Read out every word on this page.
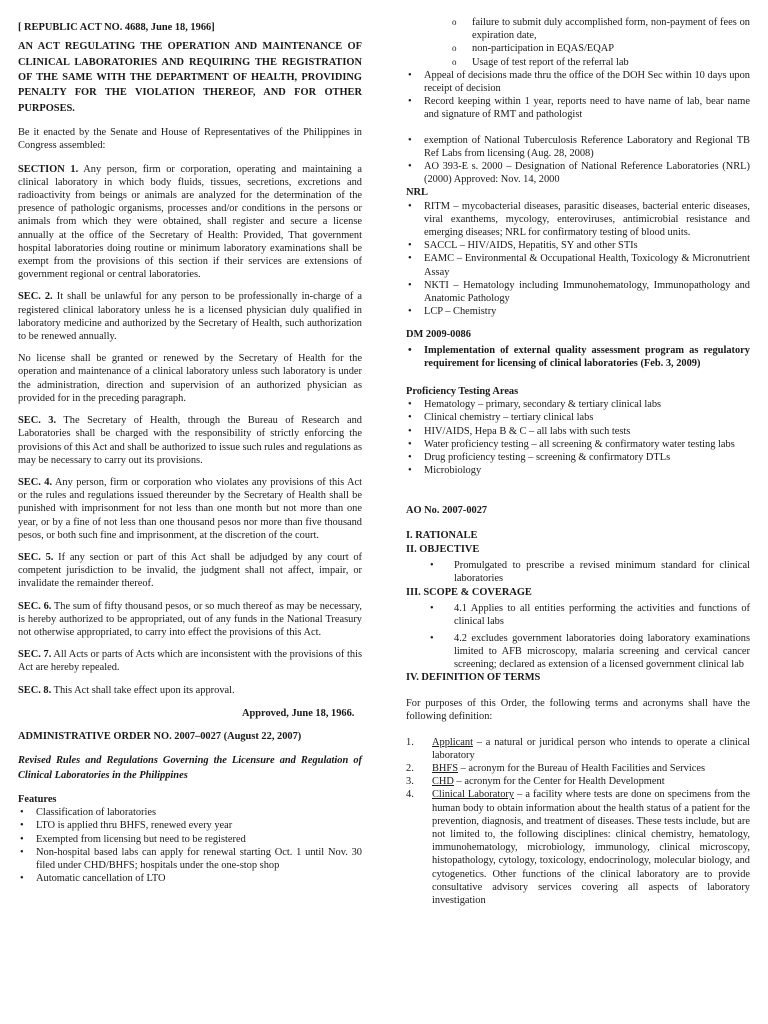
[ REPUBLIC ACT NO. 4688, June 18, 1966]

AN ACT REGULATING THE OPERATION AND MAINTENANCE OF CLINICAL LABORATORIES AND REQUIRING THE REGISTRATION OF THE SAME WITH THE DEPARTMENT OF HEALTH, PROVIDING PENALTY FOR THE VIOLATION THEREOF, AND FOR OTHER PURPOSES.

Be it enacted by the Senate and House of Representatives of the Philippines in Congress assembled:

SECTION 1. Any person, firm or corporation, operating and maintaining a clinical laboratory in which body fluids, tissues, secretions, excretions and radioactivity from beings or animals are analyzed for the determination of the presence of pathologic organisms, processes and/or conditions in the persons or animals from which they were obtained, shall register and secure a license annually at the office of the Secretary of Health: Provided, That government hospital laboratories doing routine or minimum laboratory examinations shall be exempt from the provisions of this section if their services are extensions of government regional or central laboratories.

SEC. 2. It shall be unlawful for any person to be professionally in-charge of a registered clinical laboratory unless he is a licensed physician duly qualified in laboratory medicine and authorized by the Secretary of Health, such authorization to be renewed annually.

No license shall be granted or renewed by the Secretary of Health for the operation and maintenance of a clinical laboratory unless such laboratory is under the administration, direction and supervision of an authorized physician as provided for in the preceding paragraph.

SEC. 3. The Secretary of Health, through the Bureau of Research and Laboratories shall be charged with the responsibility of strictly enforcing the provisions of this Act and shall be authorized to issue such rules and regulations as may be necessary to carry out its provisions.

SEC. 4. Any person, firm or corporation who violates any provisions of this Act or the rules and regulations issued thereunder by the Secretary of Health shall be punished with imprisonment for not less than one month but not more than one year, or by a fine of not less than one thousand pesos nor more than five thousand pesos, or both such fine and imprisonment, at the discretion of the court.

SEC. 5. If any section or part of this Act shall be adjudged by any court of competent jurisdiction to be invalid, the judgment shall not affect, impair, or invalidate the remainder thereof.

SEC. 6. The sum of fifty thousand pesos, or so much thereof as may be necessary, is hereby authorized to be appropriated, out of any funds in the National Treasury not otherwise appropriated, to carry into effect the provisions of this Act.

SEC. 7. All Acts or parts of Acts which are inconsistent with the provisions of this Act are hereby repealed.

SEC. 8. This Act shall take effect upon its approval.

Approved, June 18, 1966.

ADMINISTRATIVE ORDER NO. 2007–0027 (August 22, 2007)

Revised Rules and Regulations Governing the Licensure and Regulation of Clinical Laboratories in the Philippines

Features

• Classification of laboratories
• LTO is applied thru BHFS, renewed every year
• Exempted from licensing but need to be registered
• Non-hospital based labs can apply for renewal starting Oct. 1 until Nov. 30 filed under CHD/BHFS; hospitals under the one-stop shop
• Automatic cancellation of LTO
o failure to submit duly accomplished form, non-payment of fees on expiration date,
o non-participation in EQAS/EQAP
o Usage of test report of the referral lab
• Appeal of decisions made thru the office of the DOH Sec within 10 days upon receipt of decision
• Record keeping within 1 year, reports need to have name of lab, bear name and signature of RMT and pathologist
• exemption of National Tuberculosis Reference Laboratory and Regional TB Ref Labs from licensing (Aug. 28, 2008)
• AO 393-E s. 2000 – Designation of National Reference Laboratories (NRL) (2000) Approved: Nov. 14, 2000

NRL

• RITM – mycobacterial diseases, parasitic diseases, bacterial enteric diseases, viral exanthems, mycology, enteroviruses, antimicrobial resistance and emerging diseases; NRL for confirmatory testing of blood units.
• SACCL – HIV/AIDS, Hepatitis, SY and other STIs
• EAMC – Environmental & Occupational Health, Toxicology & Micronutrient Assay
• NKTI – Hematology including Immunohematology, Immunopathology and Anatomic Pathology
• LCP – Chemistry

DM 2009-0086

• Implementation of external quality assessment program as regulatory requirement for licensing of clinical laboratories (Feb. 3, 2009)

Proficiency Testing Areas

• Hematology – primary, secondary & tertiary clinical labs
• Clinical chemistry – tertiary clinical labs
• HIV/AIDS, Hepa B & C – all labs with such tests
• Water proficiency testing – all screening & confirmatory water testing labs
• Drug proficiency testing – screening & confirmatory DTLs
• Microbiology

AO No. 2007-0027

I. RATIONALE

II. OBJECTIVE

• Promulgated to prescribe a revised minimum standard for clinical laboratories

III. SCOPE & COVERAGE

• 4.1 Applies to all entities performing the activities and functions of clinical labs
• 4.2 excludes government laboratories doing laboratory examinations limited to AFB microscopy, malaria screening and cervical cancer screening; declared as extension of a licensed government clinical lab

IV. DEFINITION OF TERMS

For purposes of this Order, the following terms and acronyms shall have the following definition:

1. Applicant – a natural or juridical person who intends to operate a clinical laboratory
2. BHFS – acronym for the Bureau of Health Facilities and Services
3. CHD – acronym for the Center for Health Development
4. Clinical Laboratory – a facility where tests are done on specimens from the human body to obtain information about the health status of a patient for the prevention, diagnosis, and treatment of diseases. These tests include, but are not limited to, the following disciplines: clinical chemistry, hematology, immunohematology, microbiology, immunology, clinical microscopy, histopathology, cytology, toxicology, endocrinology, molecular biology, and cytogenetics. Other functions of the clinical laboratory are to provide consultative advisory services covering all aspects of laboratory investigation
